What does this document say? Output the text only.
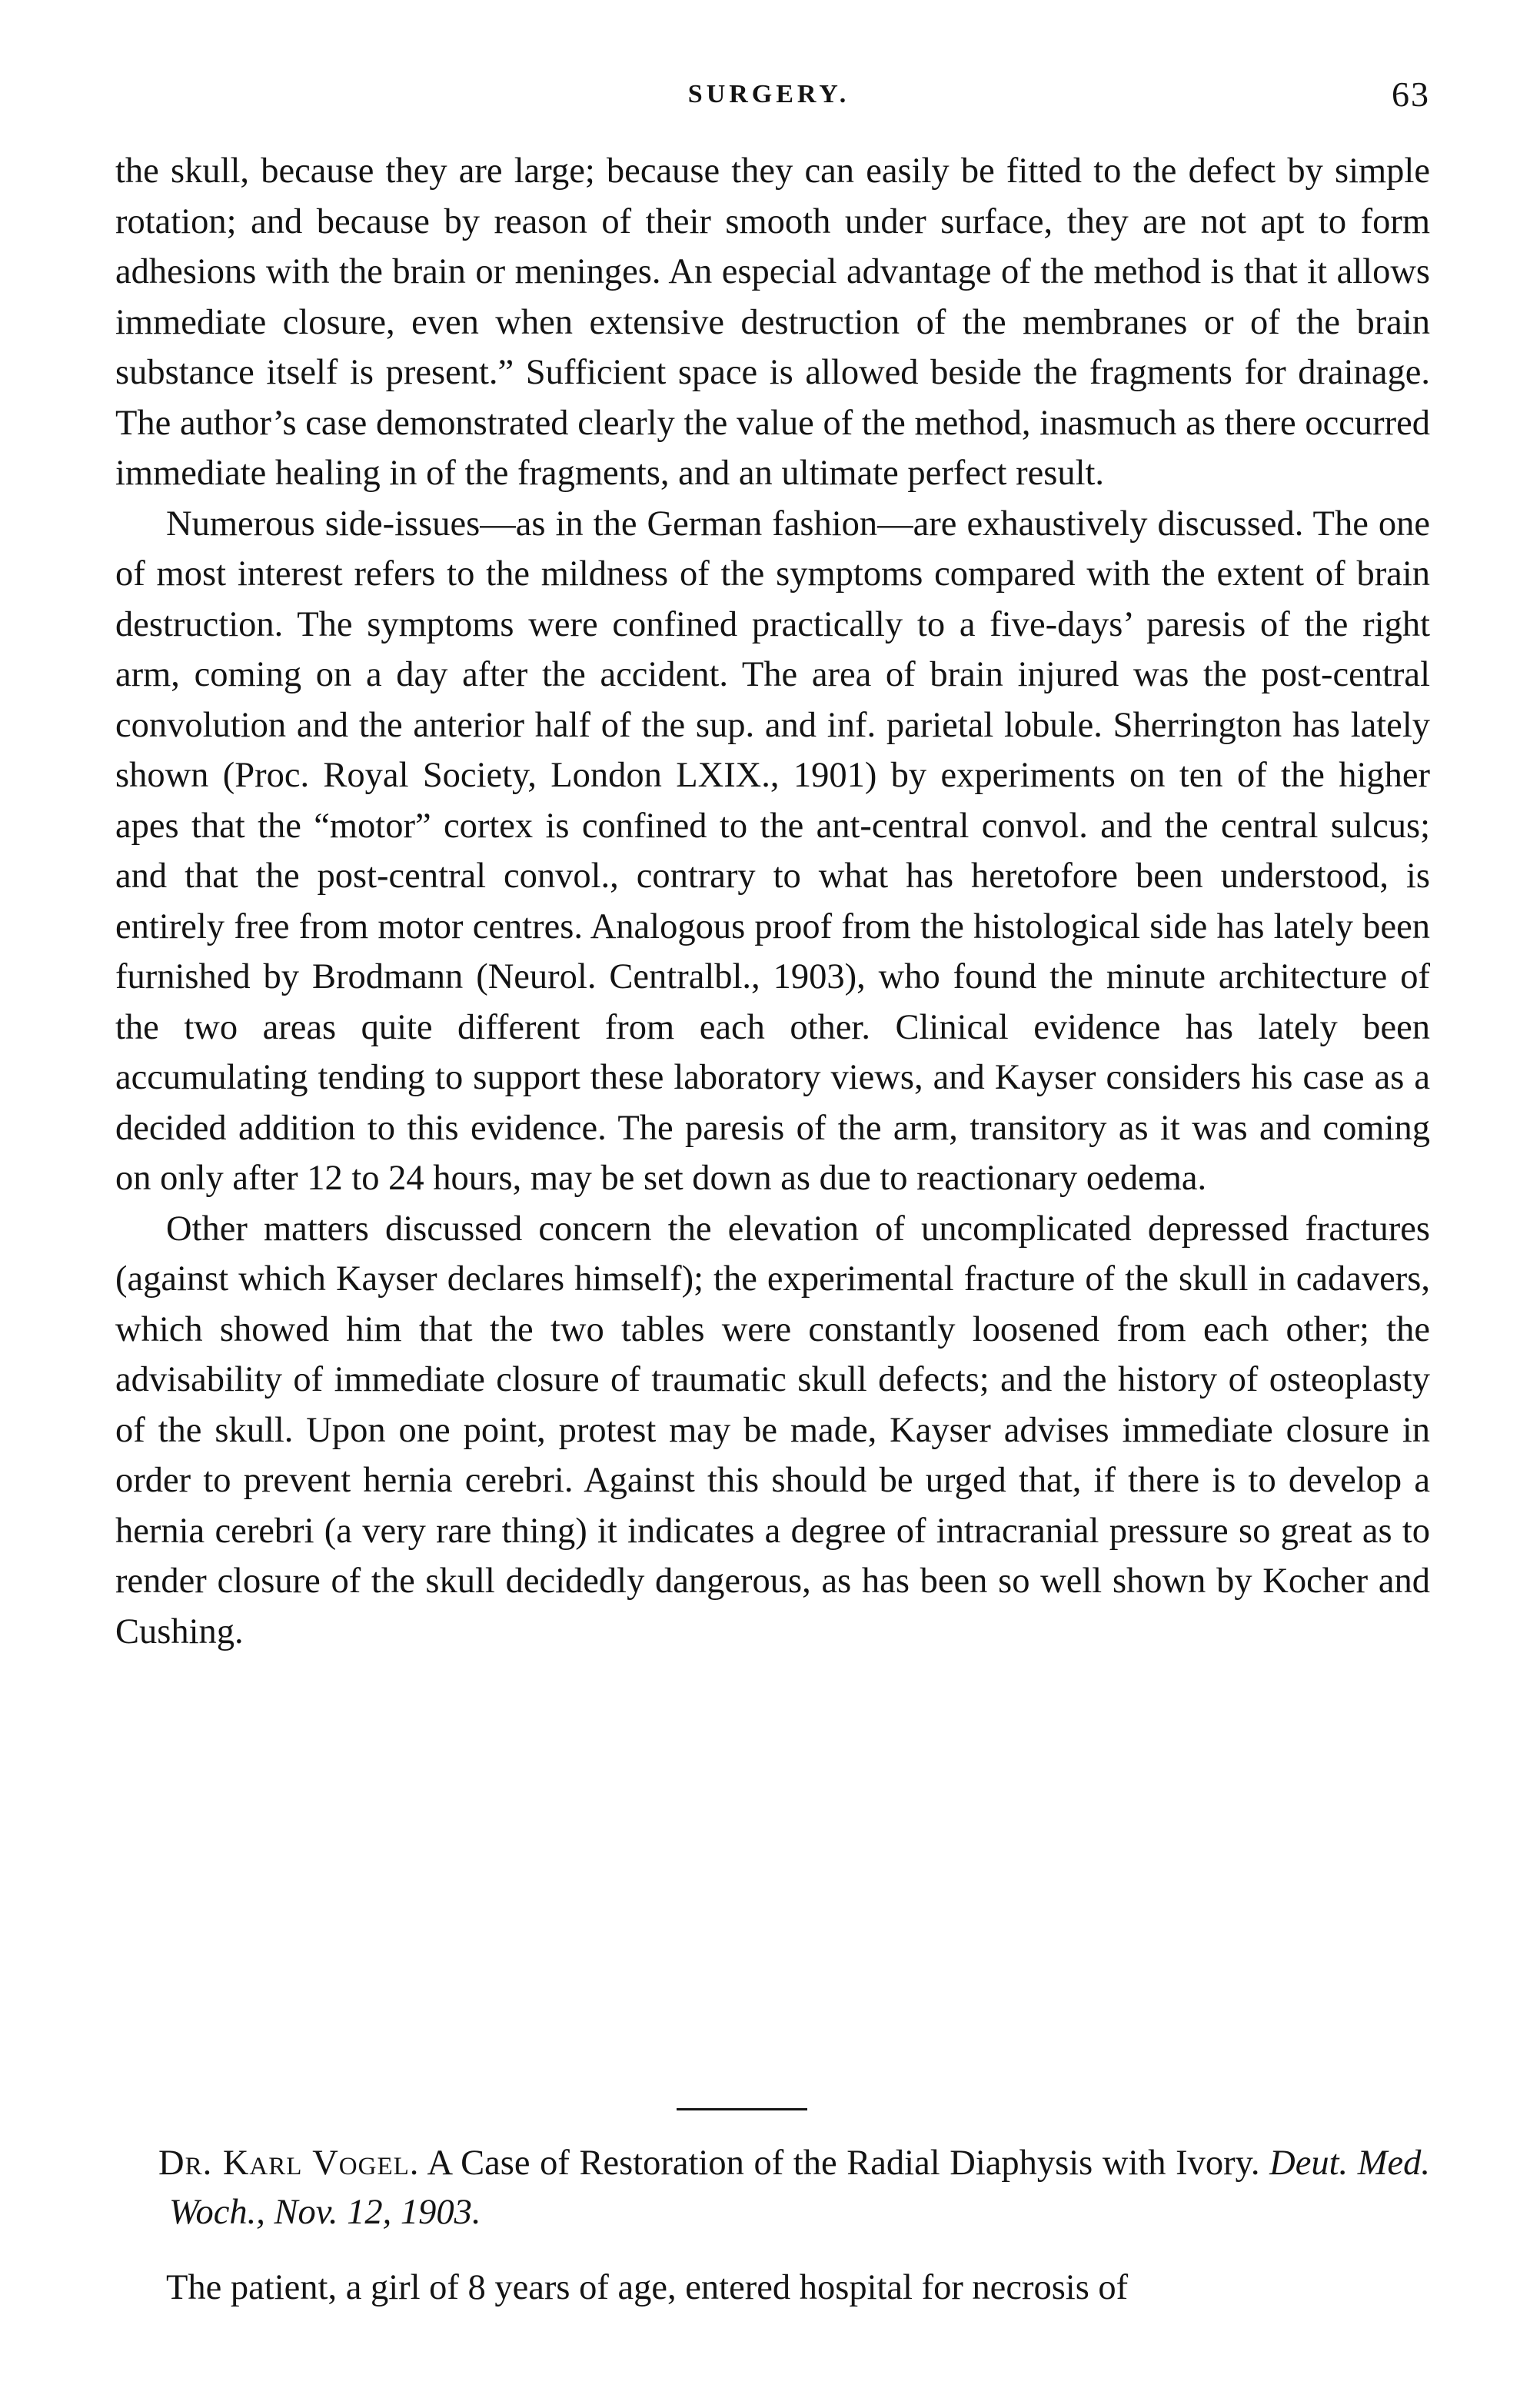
SURGERY.	63

the skull, because they are large; because they can easily be fitted to the defect by simple rotation; and because by reason of their smooth under surface, they are not apt to form adhesions with the brain or meninges. An especial advantage of the method is that it allows immediate closure, even when extensive destruction of the membranes or of the brain substance itself is present.” Sufficient space is allowed beside the fragments for drainage. The author’s case demonstrated clearly the value of the method, inasmuch as there occurred immediate healing in of the fragments, and an ultimate perfect result.

Numerous side-issues—as in the German fashion—are exhaustively discussed. The one of most interest refers to the mildness of the symptoms compared with the extent of brain destruction. The symptoms were confined practically to a five-days’ paresis of the right arm, coming on a day after the accident. The area of brain injured was the post-central convolution and the anterior half of the sup. and inf. parietal lobule. Sherrington has lately shown (Proc. Royal Society, London LXIX., 1901) by experiments on ten of the higher apes that the “motor” cortex is confined to the ant-central convol. and the central sulcus; and that the post-central convol., contrary to what has heretofore been understood, is entirely free from motor centres. Analogous proof from the histological side has lately been furnished by Brodmann (Neurol. Centralbl., 1903), who found the minute architecture of the two areas quite different from each other. Clinical evidence has lately been accumulating tending to support these laboratory views, and Kayser considers his case as a decided addition to this evidence. The paresis of the arm, transitory as it was and coming on only after 12 to 24 hours, may be set down as due to reactionary oedema.

Other matters discussed concern the elevation of uncomplicated depressed fractures (against which Kayser declares himself); the experimental fracture of the skull in cadavers, which showed him that the two tables were constantly loosened from each other; the advisability of immediate closure of traumatic skull defects; and the history of osteoplasty of the skull. Upon one point, protest may be made, Kayser advises immediate closure in order to prevent hernia cerebri. Against this should be urged that, if there is to develop a hernia cerebri (a very rare thing) it indicates a degree of intracranial pressure so great as to render closure of the skull decidedly dangerous, as has been so well shown by Kocher and Cushing.

Dr. Karl Vogel. A Case of Restoration of the Radial Diaphysis with Ivory. Deut. Med. Woch., Nov. 12, 1903.

The patient, a girl of 8 years of age, entered hospital for necrosis of
